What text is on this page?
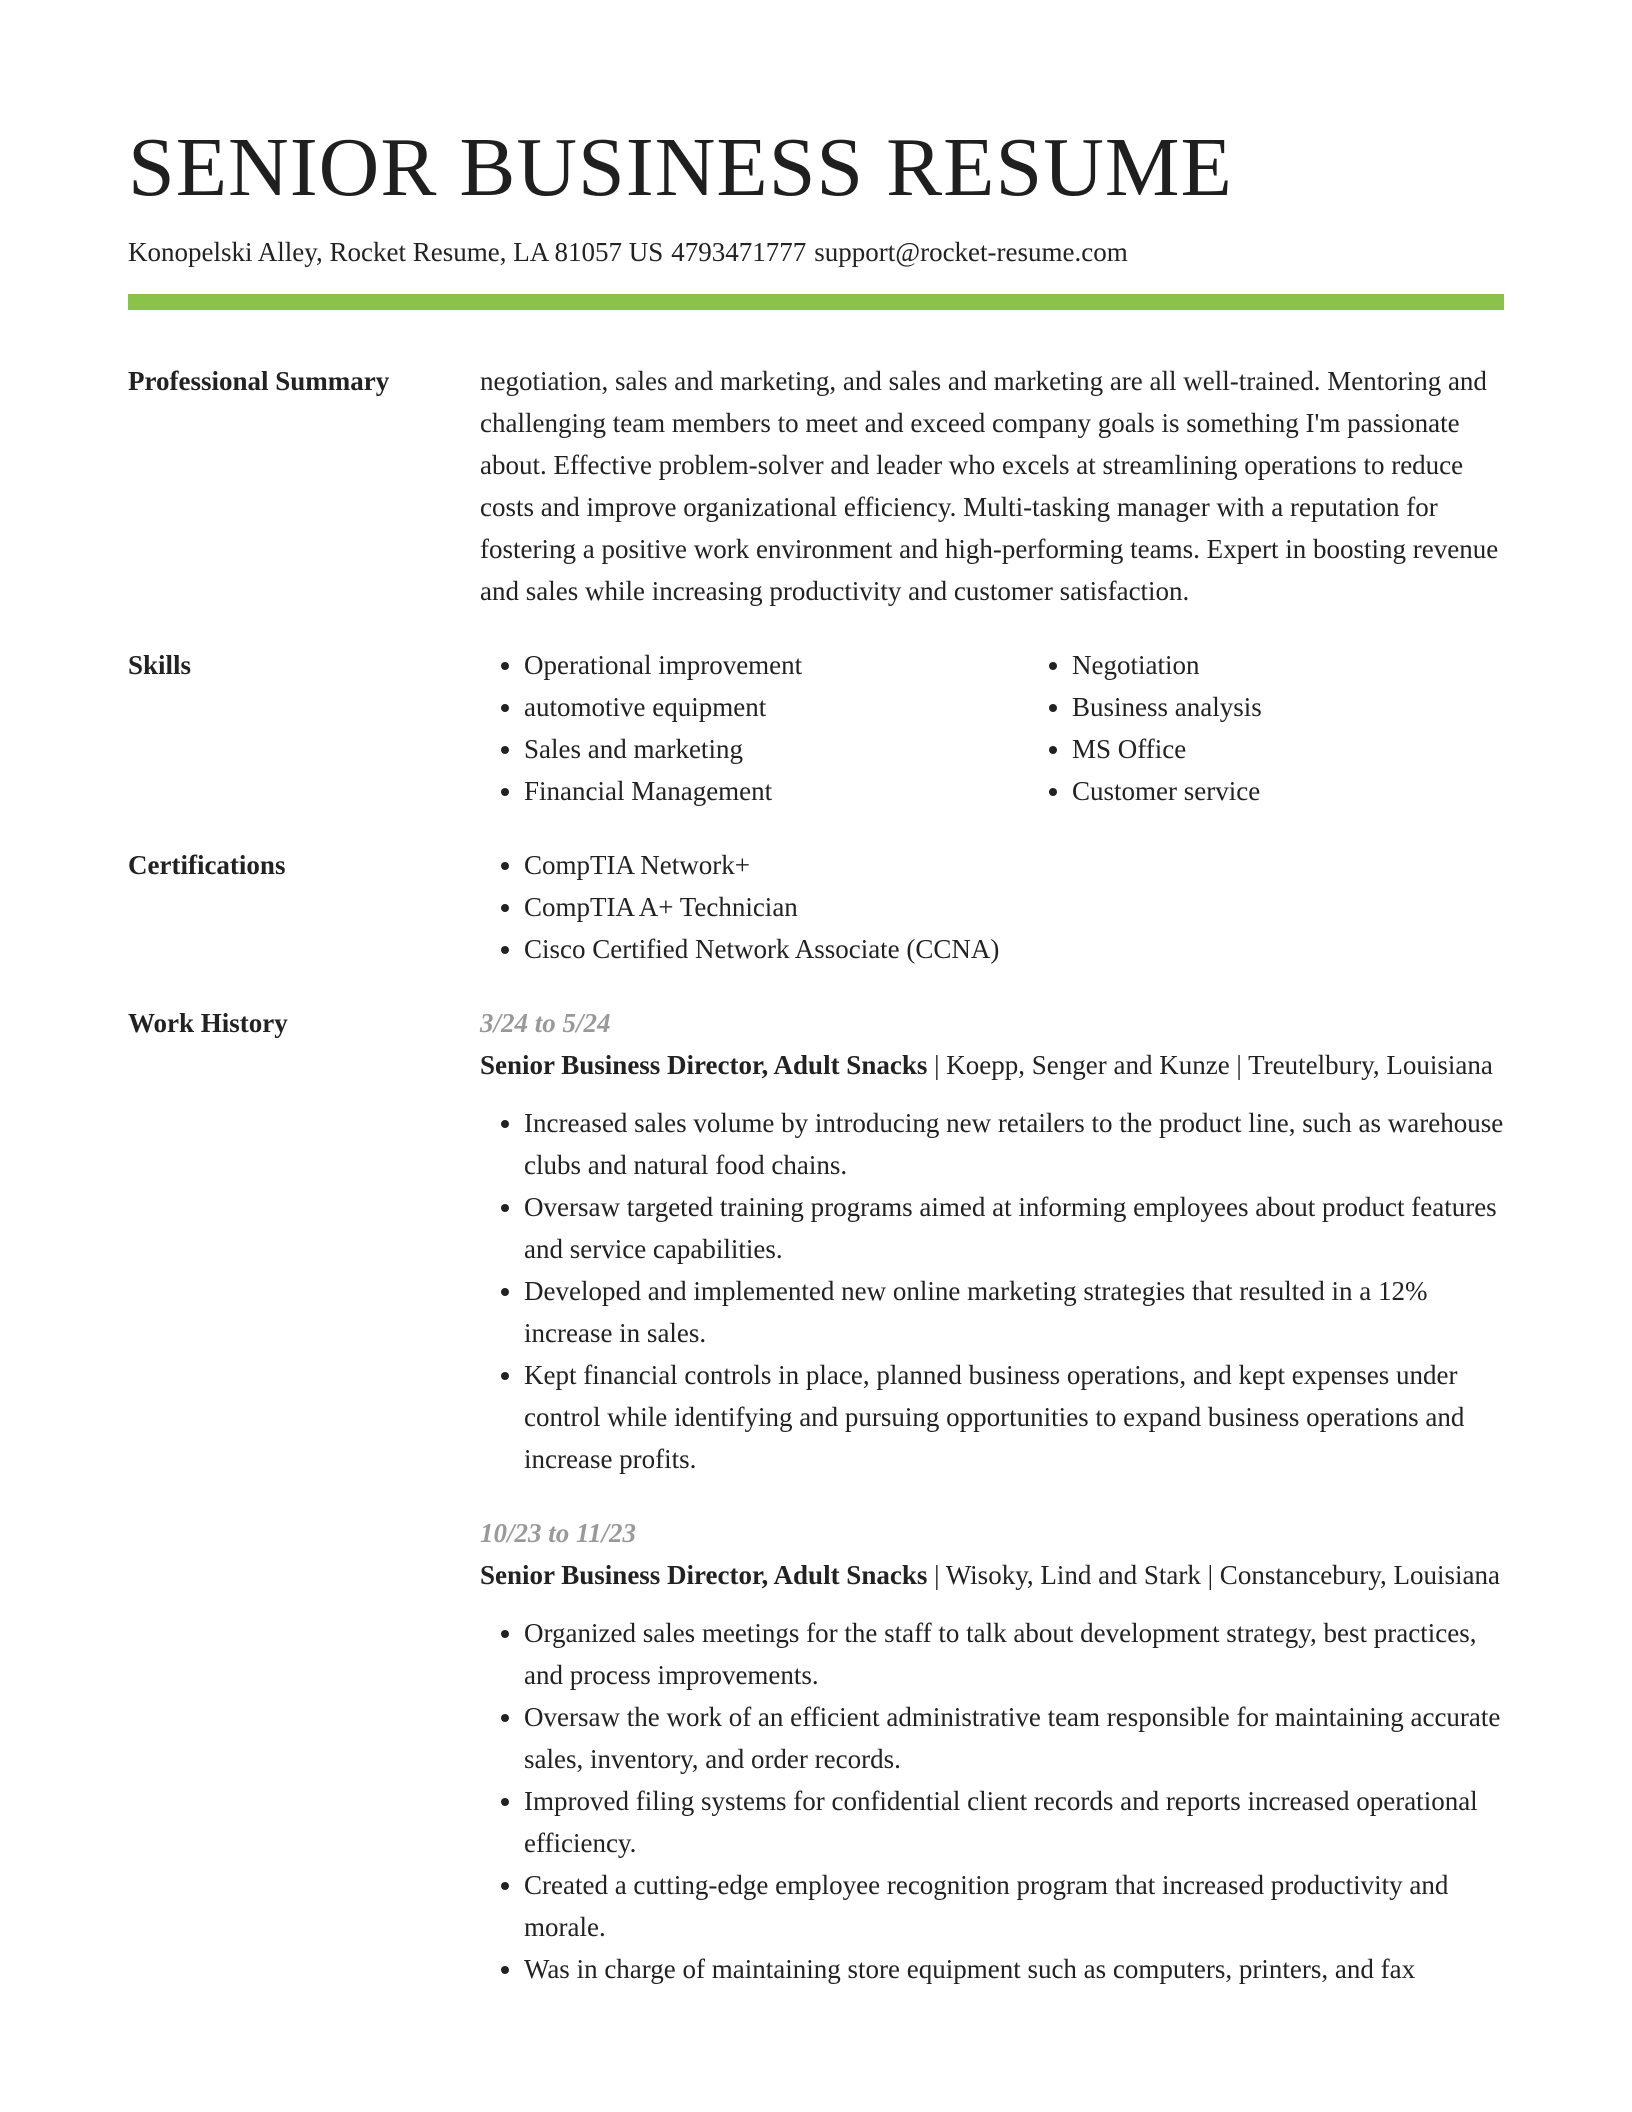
SENIOR BUSINESS RESUME
Konopelski Alley, Rocket Resume, LA 81057 US 4793471777 support@rocket-resume.com
Professional Summary	negotiation, sales and marketing, and sales and marketing are all well-trained. Mentoring and challenging team members to meet and exceed company goals is something I'm passionate about. Effective problem-solver and leader who excels at streamlining operations to reduce costs and improve organizational efficiency. Multi-tasking manager with a reputation for fostering a positive work environment and high-performing teams. Expert in boosting revenue and sales while increasing productivity and customer satisfaction.
Skills	• Operational improvement
• automotive equipment
• Sales and marketing
• Financial Management
• Negotiation
• Business analysis
• MS Office
• Customer service
Certifications	• CompTIA Network+
• CompTIA A+ Technician
• Cisco Certified Network Associate (CCNA)
Work History	3/24 to 5/24
Senior Business Director, Adult Snacks | Koepp, Senger and Kunze | Treutelbury, Louisiana
• Increased sales volume by introducing new retailers to the product line, such as warehouse clubs and natural food chains.
• Oversaw targeted training programs aimed at informing employees about product features and service capabilities.
• Developed and implemented new online marketing strategies that resulted in a 12% increase in sales.
• Kept financial controls in place, planned business operations, and kept expenses under control while identifying and pursuing opportunities to expand business operations and increase profits.
10/23 to 11/23
Senior Business Director, Adult Snacks | Wisoky, Lind and Stark | Constancebury, Louisiana
• Organized sales meetings for the staff to talk about development strategy, best practices, and process improvements.
• Oversaw the work of an efficient administrative team responsible for maintaining accurate sales, inventory, and order records.
• Improved filing systems for confidential client records and reports increased operational efficiency.
• Created a cutting-edge employee recognition program that increased productivity and morale.
• Was in charge of maintaining store equipment such as computers, printers, and fax
